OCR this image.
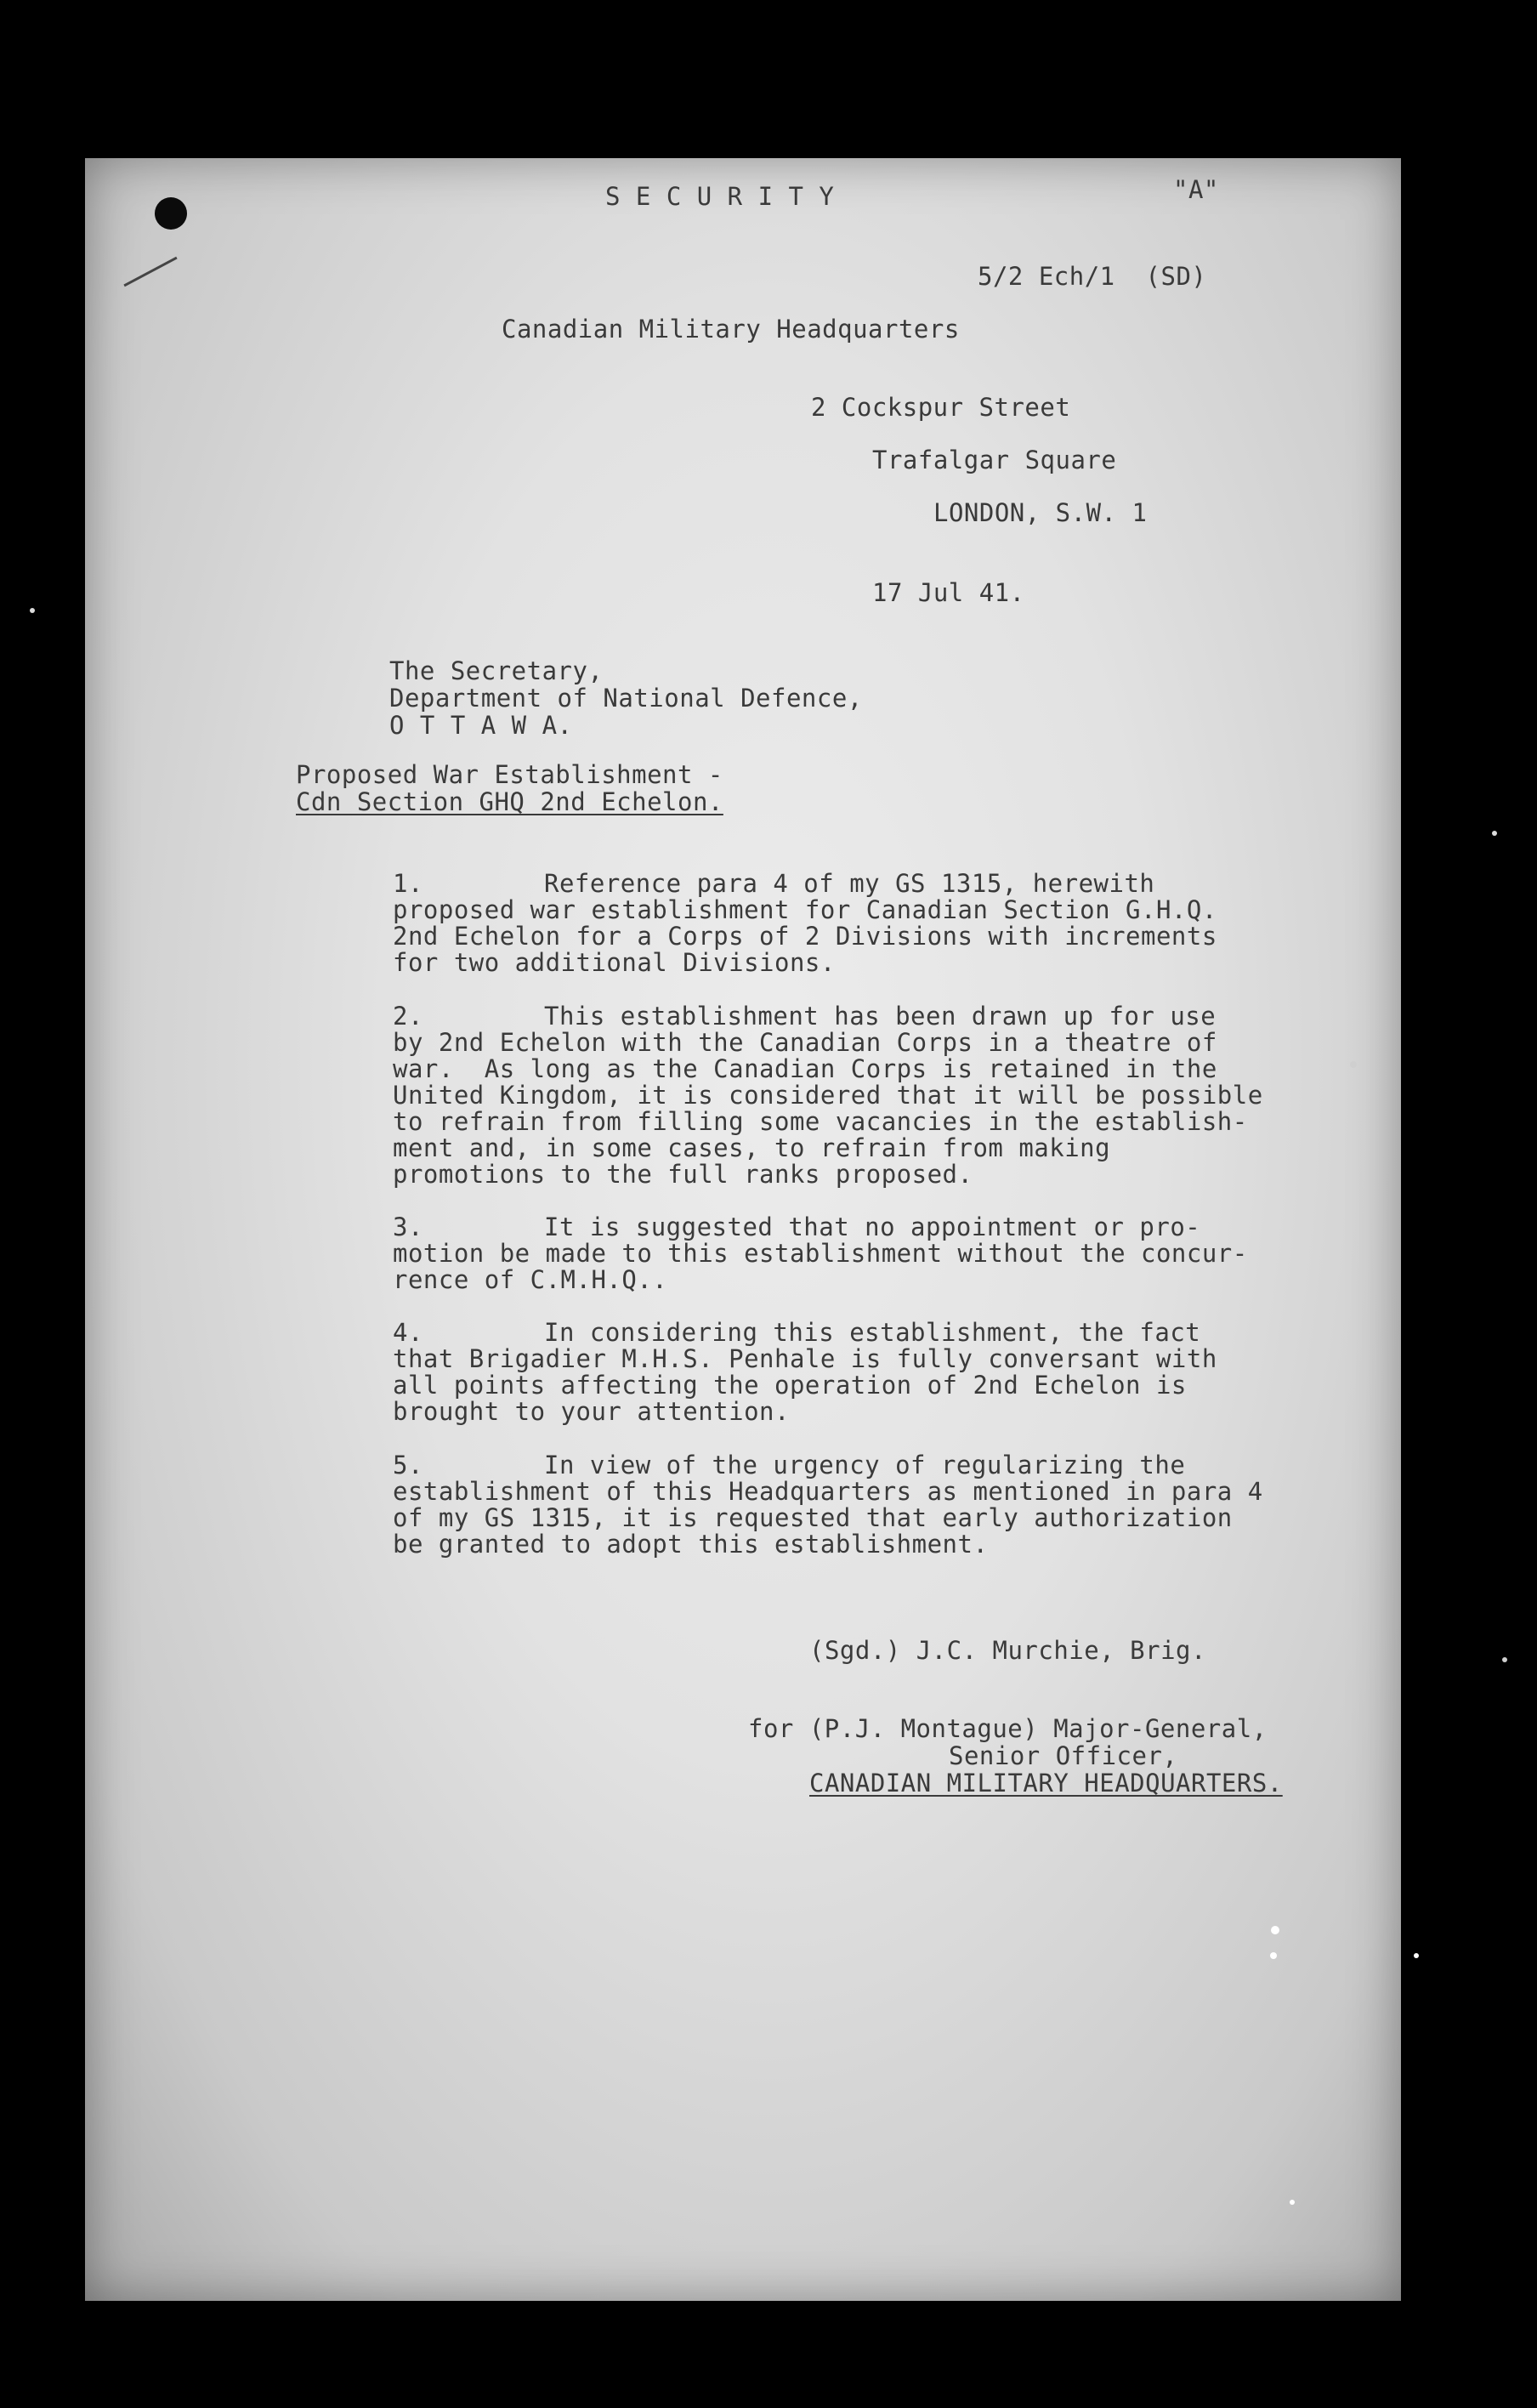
S E C U R I T Y	"A"
5/2 Ech/1  (SD)
Canadian Military Headquarters
2 Cockspur Street
Trafalgar Square
LONDON, S.W. 1
17 Jul 41.
The Secretary,
Department of National Defence,
O T T A W A.
Proposed War Establishment -
Cdn Section GHQ 2nd Echelon.
1.	Reference para 4 of my GS 1315, herewith
proposed war establishment for Canadian Section G.H.Q.
2nd Echelon for a Corps of 2 Divisions with increments
for two additional Divisions.
2.	This establishment has been drawn up for use
by 2nd Echelon with the Canadian Corps in a theatre of
war.  As long as the Canadian Corps is retained in the
United Kingdom, it is considered that it will be possible
to refrain from filling some vacancies in the establish-
ment and, in some cases, to refrain from making
promotions to the full ranks proposed.
3.	It is suggested that no appointment or pro-
motion be made to this establishment without the concur-
rence of C.M.H.Q..
4.	In considering this establishment, the fact
that Brigadier M.H.S. Penhale is fully conversant with
all points affecting the operation of 2nd Echelon is
brought to your attention.
5.	In view of the urgency of regularizing the
establishment of this Headquarters as mentioned in para 4
of my GS 1315, it is requested that early authorization
be granted to adopt this establishment.
(Sgd.) J.C. Murchie, Brig.
for (P.J. Montague) Major-General,
Senior Officer,
CANADIAN MILITARY HEADQUARTERS.
